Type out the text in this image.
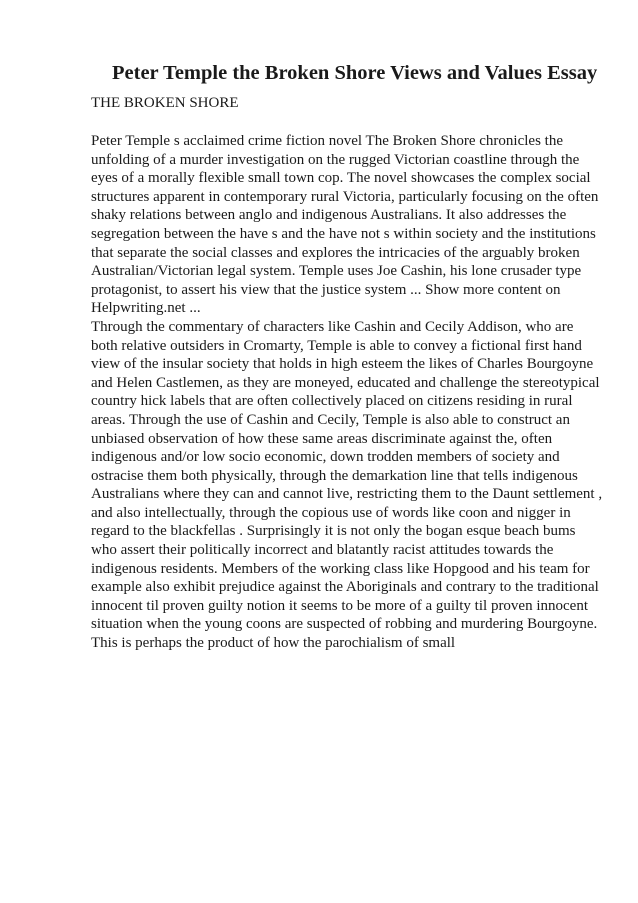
Peter Temple the Broken Shore Views and Values Essay
THE BROKEN SHORE
Peter Temple s acclaimed crime fiction novel The Broken Shore chronicles the
unfolding of a murder investigation on the rugged Victorian coastline through the
eyes of a morally flexible small town cop. The novel showcases the complex social
structures apparent in contemporary rural Victoria, particularly focusing on the often
shaky relations between anglo and indigenous Australians. It also addresses the
segregation between the have s and the have not s within society and the institutions
that separate the social classes and explores the intricacies of the arguably broken
Australian/Victorian legal system. Temple uses Joe Cashin, his lone crusader type
protagonist, to assert his view that the justice system ... Show more content on
Helpwriting.net ...
Through the commentary of characters like Cashin and Cecily Addison, who are
both relative outsiders in Cromarty, Temple is able to convey a fictional first hand
view of the insular society that holds in high esteem the likes of Charles Bourgoyne
and Helen Castlemen, as they are moneyed, educated and challenge the stereotypical
country hick labels that are often collectively placed on citizens residing in rural
areas. Through the use of Cashin and Cecily, Temple is also able to construct an
unbiased observation of how these same areas discriminate against the, often
indigenous and/or low socio economic, down trodden members of society and
ostracise them both physically, through the demarkation line that tells indigenous
Australians where they can and cannot live, restricting them to the Daunt settlement ,
and also intellectually, through the copious use of words like coon and nigger in
regard to the blackfellas . Surprisingly it is not only the bogan esque beach bums
who assert their politically incorrect and blatantly racist attitudes towards the
indigenous residents. Members of the working class like Hopgood and his team for
example also exhibit prejudice against the Aboriginals and contrary to the traditional
innocent til proven guilty notion it seems to be more of a guilty til proven innocent
situation when the young coons are suspected of robbing and murdering Bourgoyne.
This is perhaps the product of how the parochialism of small
